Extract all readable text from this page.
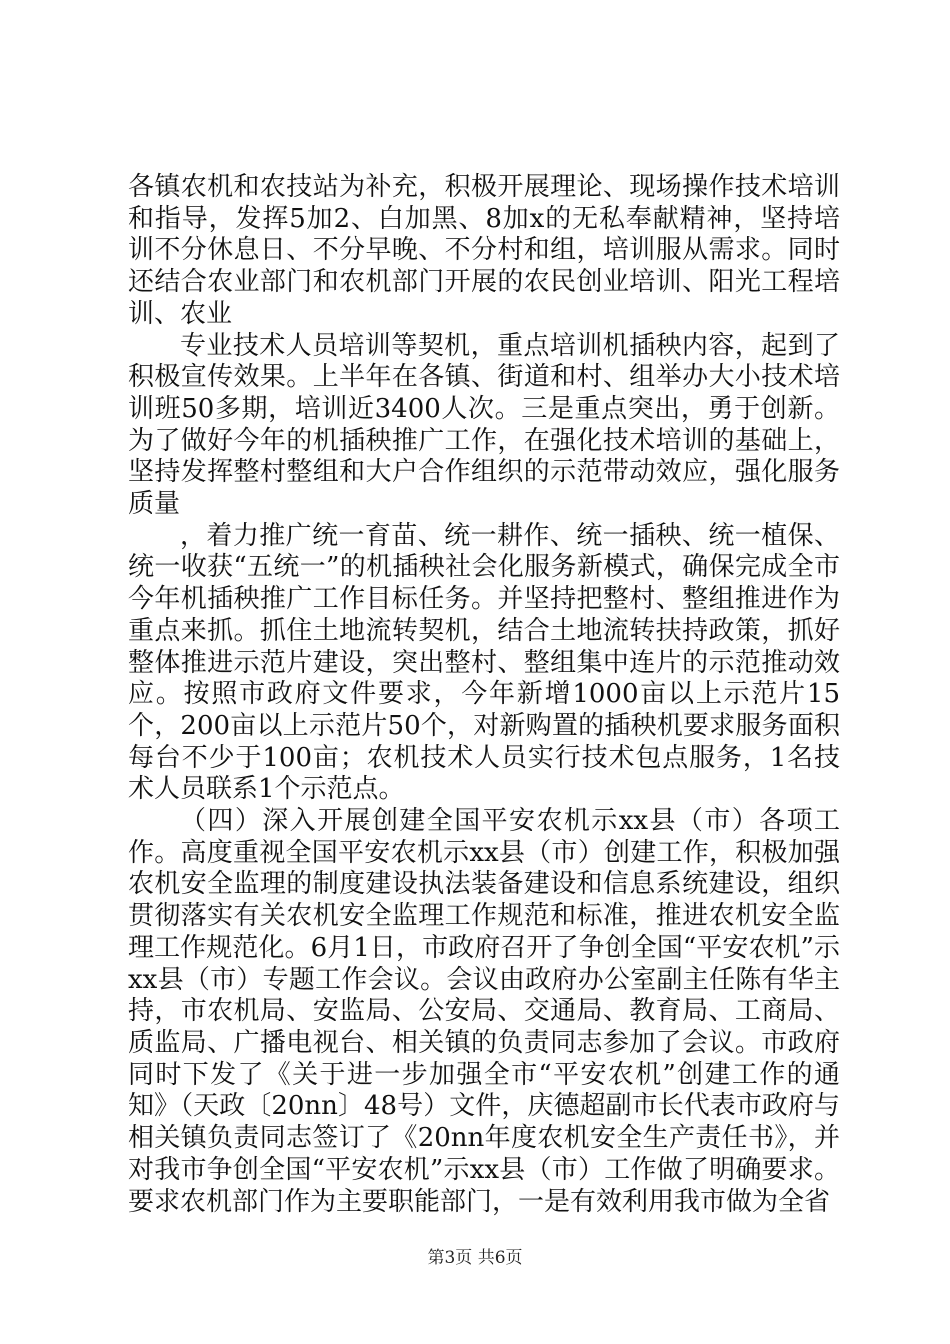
各镇农机和农技站为补充，积极开展理论、现场操作技术培训和指导，发挥5加2、白加黑、8加x的无私奉献精神，坚持培训不分休息日、不分早晚、不分村和组，培训服从需求。同时还结合农业部门和农机部门开展的农民创业培训、阳光工程培训、农业

专业技术人员培训等契机，重点培训机插秧内容，起到了积极宣传效果。上半年在各镇、街道和村、组举办大小技术培训班50多期，培训近3400人次。三是重点突出，勇于创新。为了做好今年的机插秧推广工作，在强化技术培训的基础上，坚持发挥整村整组和大户合作组织的示范带动效应，强化服务质量

，着力推广统一育苗、统一耕作、统一插秧、统一植保、统一收获“五统一”的机插秧社会化服务新模式，确保完成全市今年机插秧推广工作目标任务。并坚持把整村、整组推进作为重点来抓。抓住土地流转契机，结合土地流转扶持政策，抓好整体推进示范片建设，突出整村、整组集中连片的示范推动效应。按照市政府文件要求，今年新增1000亩以上示范片15个，200亩以上示范片50个，对新购置的插秧机要求服务面积每台不少于100亩；农机技术人员实行技术包点服务，1名技术人员联系1个示范点。

（四）深入开展创建全国平安农机示xx县（市）各项工作。高度重视全国平安农机示xx县（市）创建工作，积极加强农机安全监理的制度建设执法装备建设和信息系统建设，组织贯彻落实有关农机安全监理工作规范和标准，推进农机安全监理工作规范化。6月1日，市政府召开了争创全国“平安农机”示xx县（市）专题工作会议。会议由政府办公室副主任陈有华主持，市农机局、安监局、公安局、交通局、教育局、工商局、质监局、广播电视台、相关镇的负责同志参加了会议。市政府同时下发了《关于进一步加强全市“平安农机”创建工作的通知》（天政〔20nn〕48号）文件，庆德超副市长代表市政府与相关镇负责同志签订了《20nn年度农机安全生产责任书》，并对我市争创全国“平安农机”示xx县（市）工作做了明确要求。要求农机部门作为主要职能部门，一是有效利用我市做为全省

第3页 共6页
